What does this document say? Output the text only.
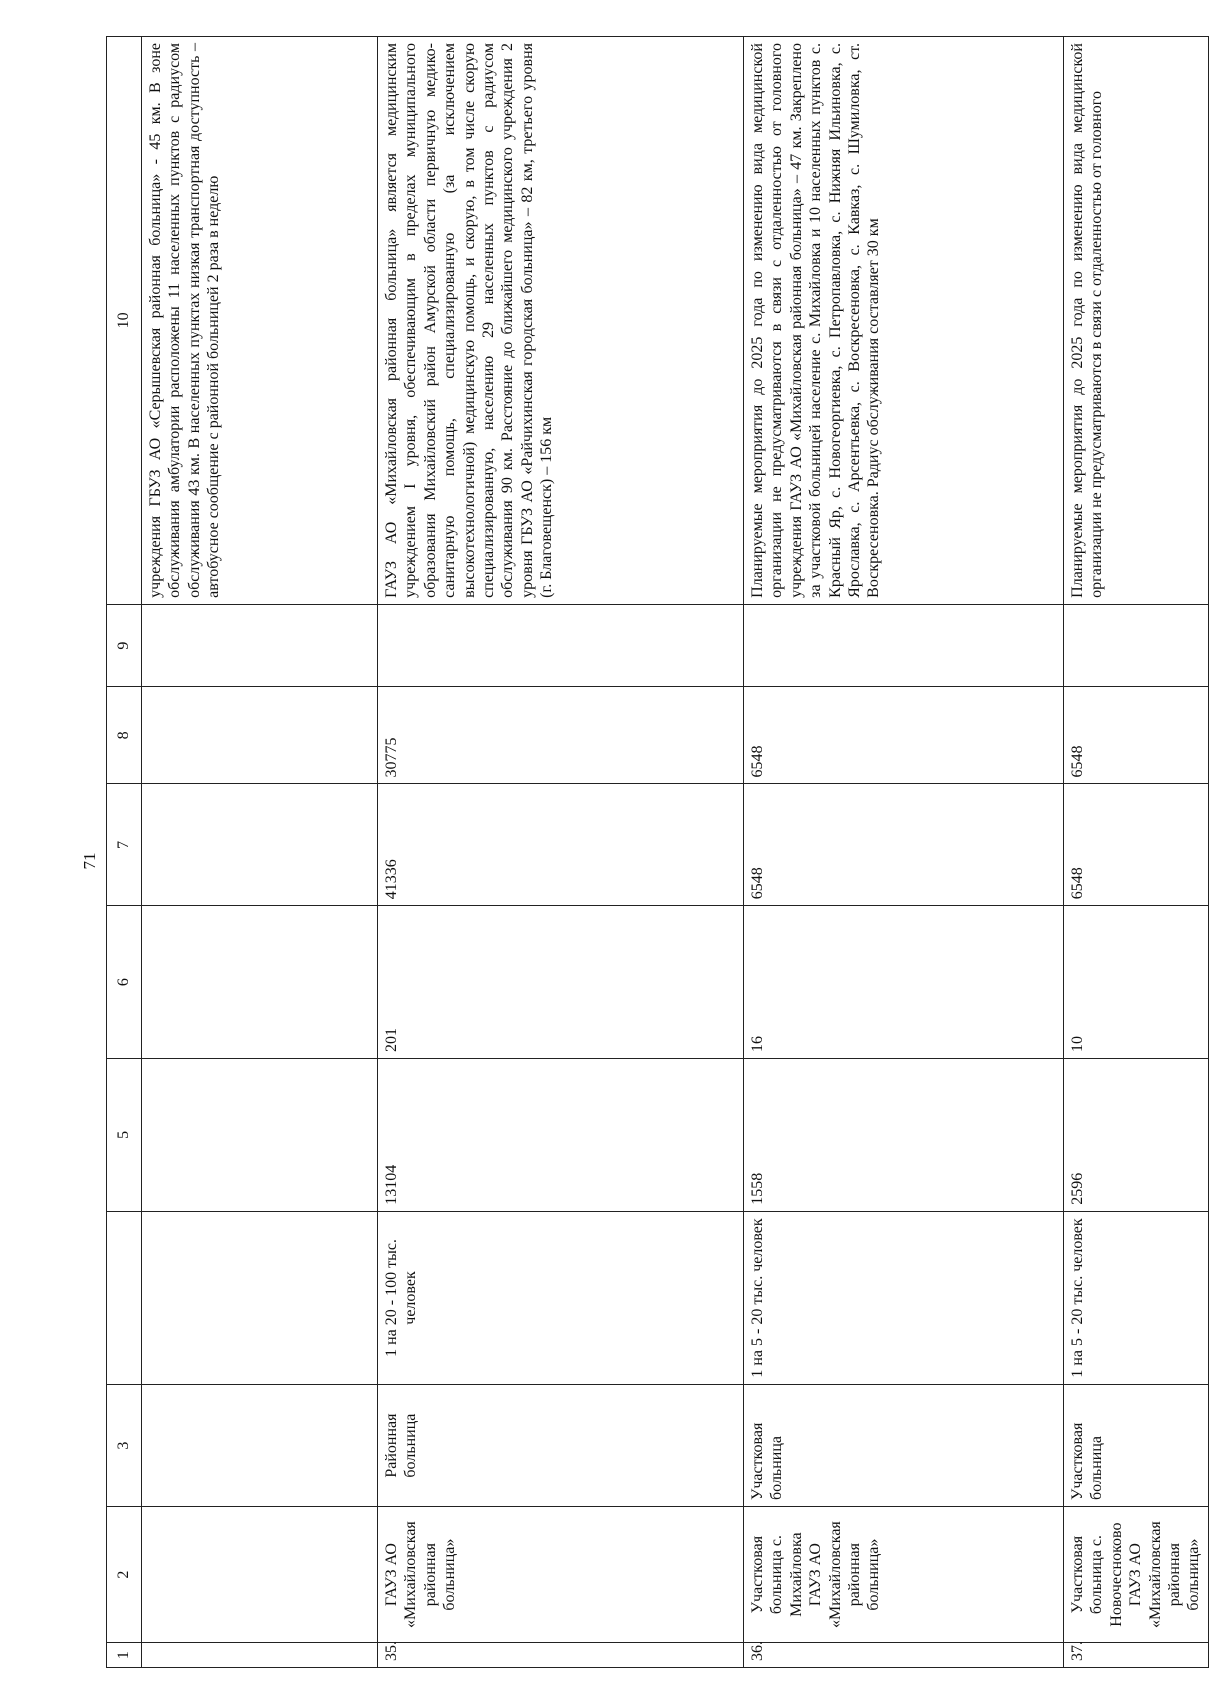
71
1	2	3		5	6	7	8	9	10
									учреждения ГБУЗ АО «Серышевская районная больница» - 45 км. В зоне обслуживания амбулатории расположены 11 населенных пунктов с радиусом обслуживания 43 км. В населенных пунктах низкая транспортная доступность –автобусное сообщение с районной больницей 2 раза в неделю
35.	ГАУЗ АО «Михайловская районная больница»	Районная больница	1 на 20 - 100 тыс. человек	13104	201	41336	30775		ГАУЗ АО «Михайловская районная больница» является медицинским учреждением I уровня, обеспечивающим в пределах муниципального образования Михайловский район Амурской области первичную медико-санитарную помощь, специализированную (за исключением высокотехнологичной) медицинскую помощь, и скорую, в том числе скорую специализированную, населению 29 населенных пунктов с радиусом обслуживания 90 км. Расстояние до ближайшего медицинского учреждения 2 уровня ГБУЗ АО «Райчихинская городская больница» – 82 км, третьего уровня (г. Благовещенск) – 156 км
36.	Участковая больница с. Михайловка ГАУЗ АО «Михайловская районная больница»	Участковая больница	1 на 5 - 20 тыс. человек	1558	16	6548	6548		Планируемые мероприятия до 2025 года по изменению вида медицинской организации не предусматриваются в связи с отдаленностью от головного учреждения ГАУЗ АО «Михайловская районная больница» – 47 км. Закреплено за участковой больницей население с. Михайловка и 10 населенных пунктов с. Красный Яр, с. Новогеоргиевка, с. Петропавловка, с. Нижняя Ильиновка, с. Ярославка, с. Арсентьевка, с. Воскресеновка, с. Кавказ, с. Шумиловка, ст. Воскресеновка. Радиус обслуживания составляет 30 км
37.	Участковая больница с. Новочесноково ГАУЗ АО «Михайловская районная больница»	Участковая больница	1 на 5 - 20 тыс. человек	2596	10	6548	6548		Планируемые мероприятия до 2025 года по изменению вида медицинской организации не предусматриваются в связи с отдаленностью от головного
